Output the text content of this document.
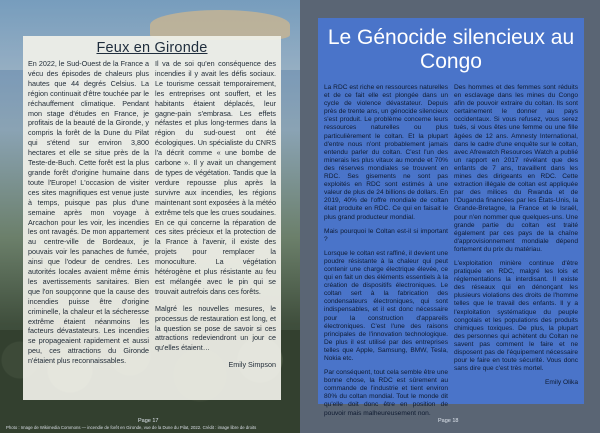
Feux en Gironde

En 2022, le Sud-Ouest de la France a vécu des épisodes de chaleurs plus hautes que 44 degrés Celsius. La région continuait d'être touchée par le réchauffement climatique. Pendant mon stage d'études en France, je profitais de la beauté de la Gironde, y compris la forêt de la Dune du Pilat qui s'étend sur environ 3,800 hectares et elle se situe près de la Teste-de-Buch. Cette forêt est la plus grande forêt d'origine humaine dans toute l'Europe! L'occasion de visiter ces sites magnifiques est venue juste à temps, puisque pas plus d'une semaine après mon voyage à Arcachon pour les voir, les incendies les ont ravagés. De mon appartement au centre-ville de Bordeaux, je pouvais voir les panaches de fumée, ainsi que l'odeur de cendres. Les autorités locales avaient même émis les avertissements sanitaires. Bien que l'on soupçonne que la cause des incendies puisse être d'origine criminelle, la chaleur et la sécheresse extrême étaient néanmoins les facteurs dévastateurs. Les incendies se propageaient rapidement et aussi peu, ces attractions du Gironde n'étaient plus reconnaissables.

Il va de soi qu'en conséquence des incendies il y avait les défis sociaux. Le tourisme cessait temporairement, les entreprises ont souffert, et les habitants étaient déplacés, leur gagne-pain s'embrasa. Les effets néfastes et plus long-termes dans la région du sud-ouest ont été écologiques. Un spécialiste du CNRS l'a décrit comme « une bombe de carbone ». Il y avait un changement de types de végétation. Tandis que la verdure repousse plus après la survivre aux incendies, les régions maintenant sont exposées à la météo extrême tels que les crues soudaines. En ce qui concerne la réparation de ces sites précieux et la protection de la France à l'avenir, il existe des projets pour remplacer la monoculture. La végétation hétérogène et plus résistante au feu est mélangée avec le pin qui se trouvait autrefois dans ces forêts.

Malgré les nouvelles mesures, le processus de restauration est long, et la question se pose de savoir si ces attractions redeviendront un jour ce qu'elles étaient…

Emily Simpson
Page 17
Photo : Image de Wikimedia Commons — incendie de forêt en Gironde, vue de la Dune du Pilat, 2022. Crédit : image libre de droits
Le Génocide silencieux au Congo

La RDC est riche en ressources naturelles et de ce fait elle est plongée dans un cycle de violence dévastateur. Depuis près de trente ans, un génocide silencieux s'est produit. Le problème concerne leurs ressources naturelles ou plus particulièrement le coltan. Et la plupart d'entre nous n'ont probablement jamais entendu parler du coltan. C'est l'un des minerais les plus vitaux au monde et 70% des réserves mondiales se trouvent en RDC. Ses gisements ne sont pas exploités en RDC sont estimés à une valeur de plus de 24 billions de dollars. En 2019, 40% de l'offre mondiale de coltan était produite en RDC. Ce qui en faisait le plus grand producteur mondial.

Mais pourquoi le Coltan est-il si important ?

Lorsque le coltan est raffiné, il devient une poudre résistante à la chaleur qui peut contenir une charge électrique élevée, ce qui en fait un des éléments essentiels à la création de dispositifs électroniques. Le coltan sert à la fabrication des condensateurs électroniques, qui sont indispensables, et il est donc nécessaire pour la construction d'appareils électroniques. C'est l'une des raisons principales de l'innovation technologique. De plus il est utilisé par des entreprises telles que Apple, Samsung, BMW, Tesla, Nokia etc.

Par conséquent, tout cela semble être une bonne chose, la RDC est sûrement au commande de l'industrie et tient environ 80% du coltan mondial. Tout le monde dit qu'elle doit donc être en position de pouvoir mais malheureusement non.

Des hommes et des femmes sont réduits en esclavage dans les mines du Congo afin de pouvoir extraire du coltan. Ils sont certainement le donner au pays occidentaux. Si vous refusez, vous serez tués, si vous êtes une femme ou une fille âgées de 12 ans. Amnesty International, dans le cadre d'une enquête sur le coltan, avec Afrewatch Resources Watch a publié un rapport en 2017 révélant que des enfants de 7 ans, travaillent dans les mines des dirigeants en RDC. Cette extraction illégale de coltan est appliquée par des milices du Rwanda et de l'Ouganda financées par les États-Unis, la Grande-Bretagne, la France et le Israël, pour n'en nommer que quelques-uns. Une grande partie du coltan est traité également par ces pays de la chaîne d'approvisionnement mondiale dépend fortement du prix du matériau.

L'exploitation minière continue d'être pratiquée en RDC, malgré les lois et réglementations la interdisant. Il existe des réseaux qui en dénonçant les plusieurs violations des droits de l'homme telles que le travail des enfants. Il y a l'exploitation systématique du peuple congolais et les populations des produits chimiques toxiques. De plus, la plupart des personnes qui achètent du Coltan ne savent pas comment le faire et ne disposent pas de l'équipement nécessaire pour le faire en toute sécurité. Vous donc sans dire que c'est très mortel.

Emily Olika
Page 18
